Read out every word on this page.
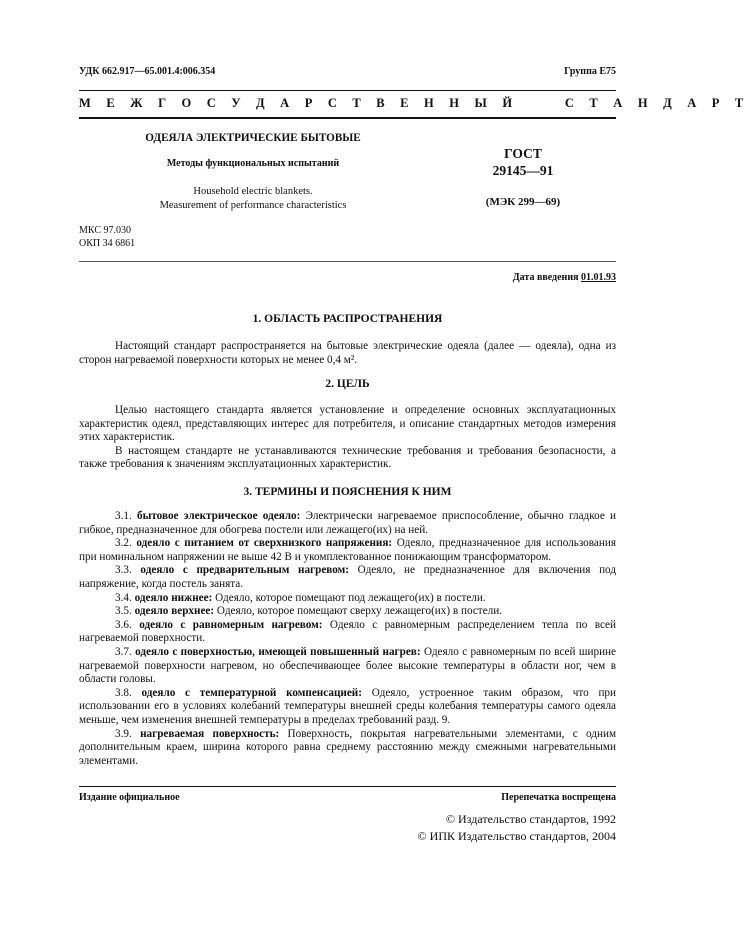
УДК 662.917—65.001.4:006.354	Группа Е75
М Е Ж Г О С У Д А Р С Т В Е Н Н Ы Й     С Т А Н Д А Р Т
ОДЕЯЛА ЭЛЕКТРИЧЕСКИЕ БЫТОВЫЕ
Методы функциональных испытаний
Household electric blankets.
Measurement of performance characteristics
ГОСТ
29145—91
(МЭК 299—69)
МКС 97.030
ОКП 34 6861
Дата введения 01.01.93
1. ОБЛАСТЬ РАСПРОСТРАНЕНИЯ

Настоящий стандарт распространяется на бытовые электрические одеяла (далее — одеяла), одна из сторон нагреваемой поверхности которых не менее 0,4 м².

2. ЦЕЛЬ

Целью настоящего стандарта является установление и определение основных эксплуатационных характеристик одеял, представляющих интерес для потребителя, и описание стандартных методов измерения этих характеристик.

В настоящем стандарте не устанавливаются технические требования и требования безопасности, а также требования к значениям эксплуатационных характеристик.

3. ТЕРМИНЫ И ПОЯСНЕНИЯ К НИМ

3.1. бытовое электрическое одеяло: Электрически нагреваемое приспособление, обычно гладкое и гибкое, предназначенное для обогрева постели или лежащего(их) на ней.

3.2. одеяло с питанием от сверхнизкого напряжения: Одеяло, предназначенное для использования при номинальном напряжении не выше 42 В и укомплектованное понижающим трансформатором.

3.3. одеяло с предварительным нагревом: Одеяло, не предназначенное для включения под напряжение, когда постель занята.

3.4. одеяло нижнее: Одеяло, которое помещают под лежащего(их) в постели.

3.5. одеяло верхнее: Одеяло, которое помещают сверху лежащего(их) в постели.

3.6. одеяло с равномерным нагревом: Одеяло с равномерным распределением тепла по всей нагреваемой поверхности.

3.7. одеяло с поверхностью, имеющей повышенный нагрев: Одеяло с равномерным по всей ширине нагреваемой поверхности нагревом, но обеспечивающее более высокие температуры в области ног, чем в области головы.

3.8. одеяло с температурной компенсацией: Одеяло, устроенное таким образом, что при использовании его в условиях колебаний температуры внешней среды колебания температуры самого одеяла меньше, чем изменения внешней температуры в пределах требований разд. 9.

3.9. нагреваемая поверхность: Поверхность, покрытая нагревательными элементами, с одним дополнительным краем, ширина которого равна среднему расстоянию между смежными нагревательными элементами.

Издание официальное	Перепечатка воспрещена
© Издательство стандартов, 1992
© ИПК Издательство стандартов, 2004
